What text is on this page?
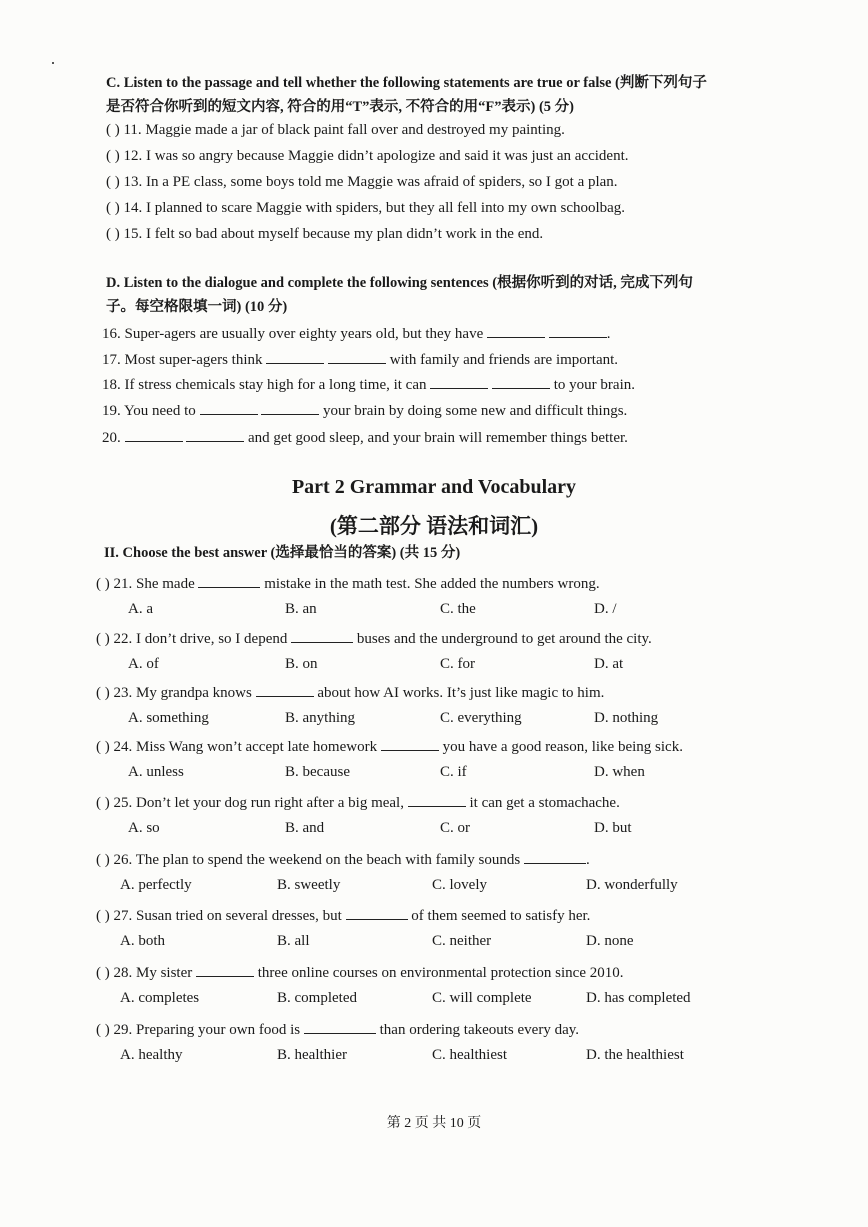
C. Listen to the passage and tell whether the following statements are true or false (判断下列句子
是否符合你听到的短文内容, 符合的用“T”表示, 不符合的用“F”表示) (5 分)
( ) 11. Maggie made a jar of black paint fall over and destroyed my painting.
( ) 12. I was so angry because Maggie didn’t apologize and said it was just an accident.
( ) 13. In a PE class, some boys told me Maggie was afraid of spiders, so I got a plan.
( ) 14. I planned to scare Maggie with spiders, but they all fell into my own schoolbag.
( ) 15. I felt so bad about myself because my plan didn’t work in the end.
D. Listen to the dialogue and complete the following sentences (根据你听到的对话, 完成下列句
子。每空格限填一词) (10 分)
16. Super-agers are usually over eighty years old, but they have	.
17. Most super-agers think	with family and friends are important.
18. If stress chemicals stay high for a long time, it can	to your brain.
19. You need to	your brain by doing some new and difficult things.
20.	and get good sleep, and your brain will remember things better.
Part 2 Grammar and Vocabulary
(第二部分 语法和词汇)
II. Choose the best answer (选择最恰当的答案) (共 15 分)
( ) 21. She made	mistake in the math test. She added the numbers wrong.
A. a	B. an	C. the	D. /
( ) 22. I don’t drive, so I depend	buses and the underground to get around the city.
A. of	B. on	C. for	D. at
( ) 23. My grandpa knows	about how AI works. It’s just like magic to him.
A. something	B. anything	C. everything	D. nothing
( ) 24. Miss Wang won’t accept late homework	you have a good reason, like being sick.
A. unless	B. because	C. if	D. when
( ) 25. Don’t let your dog run right after a big meal,	it can get a stomachache.
A. so	B. and	C. or	D. but
( ) 26. The plan to spend the weekend on the beach with family sounds	.
A. perfectly	B. sweetly	C. lovely	D. wonderfully
( ) 27. Susan tried on several dresses, but	of them seemed to satisfy her.
A. both	B. all	C. neither	D. none
( ) 28. My sister	three online courses on environmental protection since 2010.
A. completes	B. completed	C. will complete	D. has completed
( ) 29. Preparing your own food is	than ordering takeouts every day.
A. healthy	B. healthier	C. healthiest	D. the healthiest
第 2 页 共 10 页
